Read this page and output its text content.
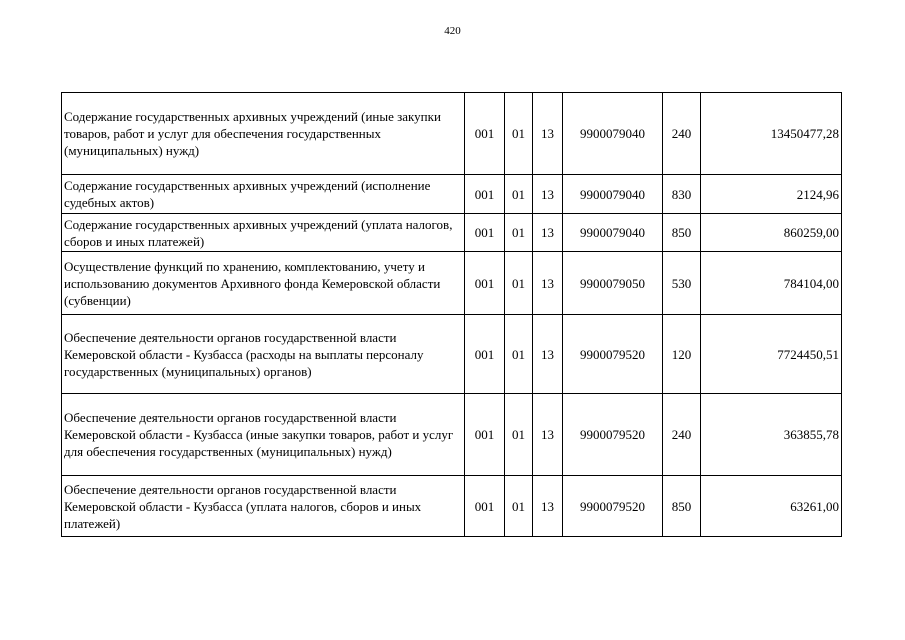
420
Содержание государственных архивных учреждений (иные закупки товаров, работ и услуг для обеспечения государственных (муниципальных) нужд)	001	01	13	9900079040	240	13450477,28
Содержание государственных архивных учреждений (исполнение судебных актов)	001	01	13	9900079040	830	2124,96
Содержание государственных архивных учреждений (уплата налогов, сборов и иных платежей)	001	01	13	9900079040	850	860259,00
Осуществление функций по хранению, комплектованию, учету и использованию документов Архивного фонда Кемеровской области (субвенции)	001	01	13	9900079050	530	784104,00
Обеспечение деятельности органов государственной власти Кемеровской области - Кузбасса (расходы на выплаты персоналу государственных (муниципальных) органов)	001	01	13	9900079520	120	7724450,51
Обеспечение деятельности органов государственной власти Кемеровской области - Кузбасса (иные закупки товаров, работ и услуг для обеспечения государственных (муниципальных) нужд)	001	01	13	9900079520	240	363855,78
Обеспечение деятельности органов государственной власти Кемеровской области - Кузбасса (уплата налогов, сборов и иных платежей)	001	01	13	9900079520	850	63261,00
